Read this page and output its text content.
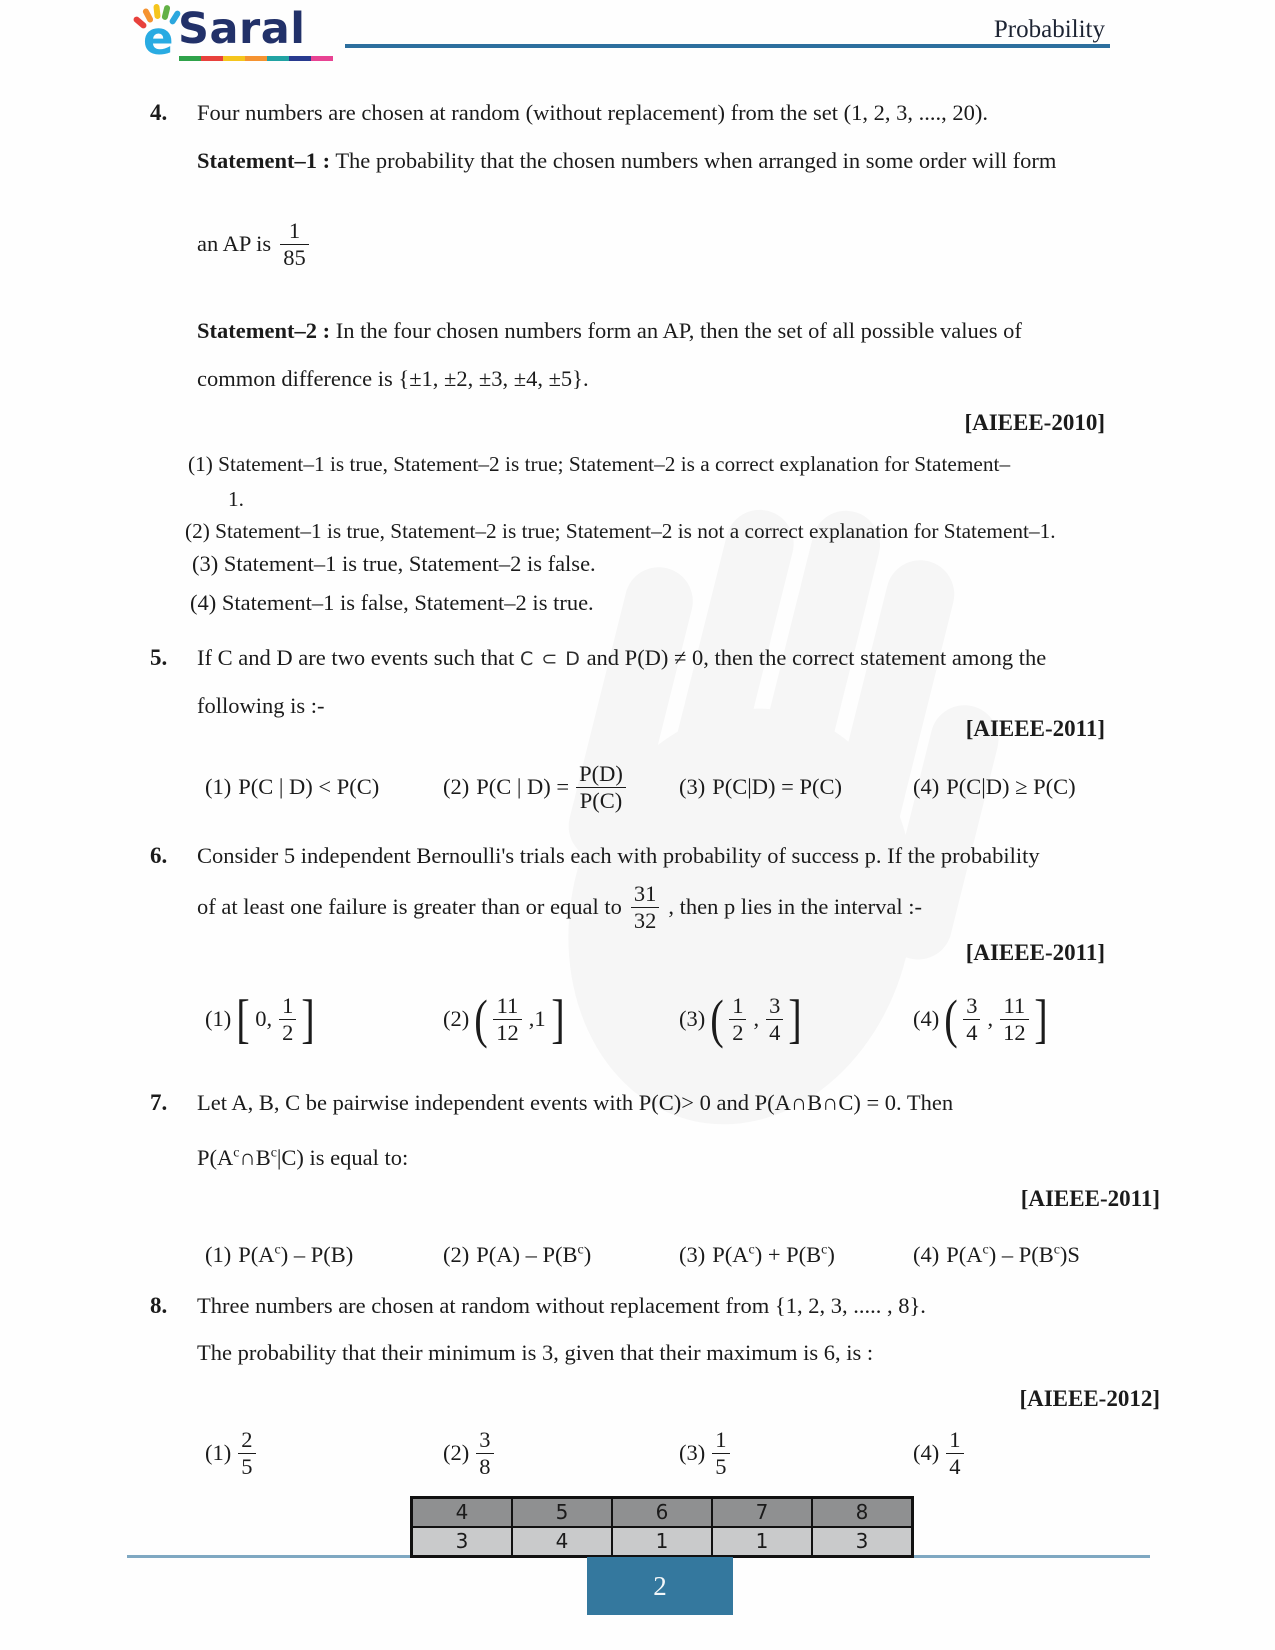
e Saral	Probability
4. Four numbers are chosen at random (without replacement) from the set (1, 2, 3, ...., 20).
Statement–1 : The probability that the chosen numbers when arranged in some order will form
an AP is $\frac{1}{85}$
Statement–2 : In the four chosen numbers form an AP, then the set of all possible values of
common difference is {±1, ±2, ±3, ±4, ±5}.
[AIEEE-2010]
(1) Statement–1 is true, Statement–2 is true; Statement–2 is a correct explanation for Statement–
1.
(2) Statement–1 is true, Statement–2 is true; Statement–2 is not a correct explanation for Statement–1.
(3) Statement–1 is true, Statement–2 is false.
(4) Statement–1 is false, Statement–2 is true.
5. If C and D are two events such that C ⊂ D and P(D) ≠ 0, then the correct statement among the
following is :-
[AIEEE-2011]
(1) P(C | D) < P(C)	(2) P(C | $D) = \frac{P(D)}{P(C)} (3) P(C|D) = P(C)$	(4) P(C|D) ≥ P(C)
6. Consider 5 independent Bernoulli's trials each with probability of success p. If the probability
of at least one failure is greater than or equal to $\frac{31}{32}$ , then p lies in the interval :-
[AIEEE-2011]
(1) [ 0, $\frac{1}{2}$ ]	(2) ( $\frac{11}{12} ,1$ ]	(3) ( $\frac{1}{2}$ , $\frac{3}{4}$ ]	(4) ( $\frac{3}{4}$ , $\frac{11}{12}$ ]
7. Let A, B, C be pairwise independent events with P(C)> 0 and P(A∩B∩C) = 0. Then
$P(A^c\cap B^c|C)$ is equal to:
[AIEEE-2011]
(1) $P(A^c) - P(B)$	(2) $P(A) - P(B^c)$	(3) $P(A^c) + P(B^c)$	(4) $P(A^c) - P(B^c)S$
8. Three numbers are chosen at random without replacement from {1, 2, 3, ..... , 8}.
The probability that their minimum is 3, given that their maximum is 6, is :
[AIEEE-2012]
$(1) \frac{2}{5}$	$(2) \frac{3}{8}$	$(3) \frac{1}{5}$	$(4) \frac{1}{4}$
4	5	6	7	8
3	4	1	1	3
2
